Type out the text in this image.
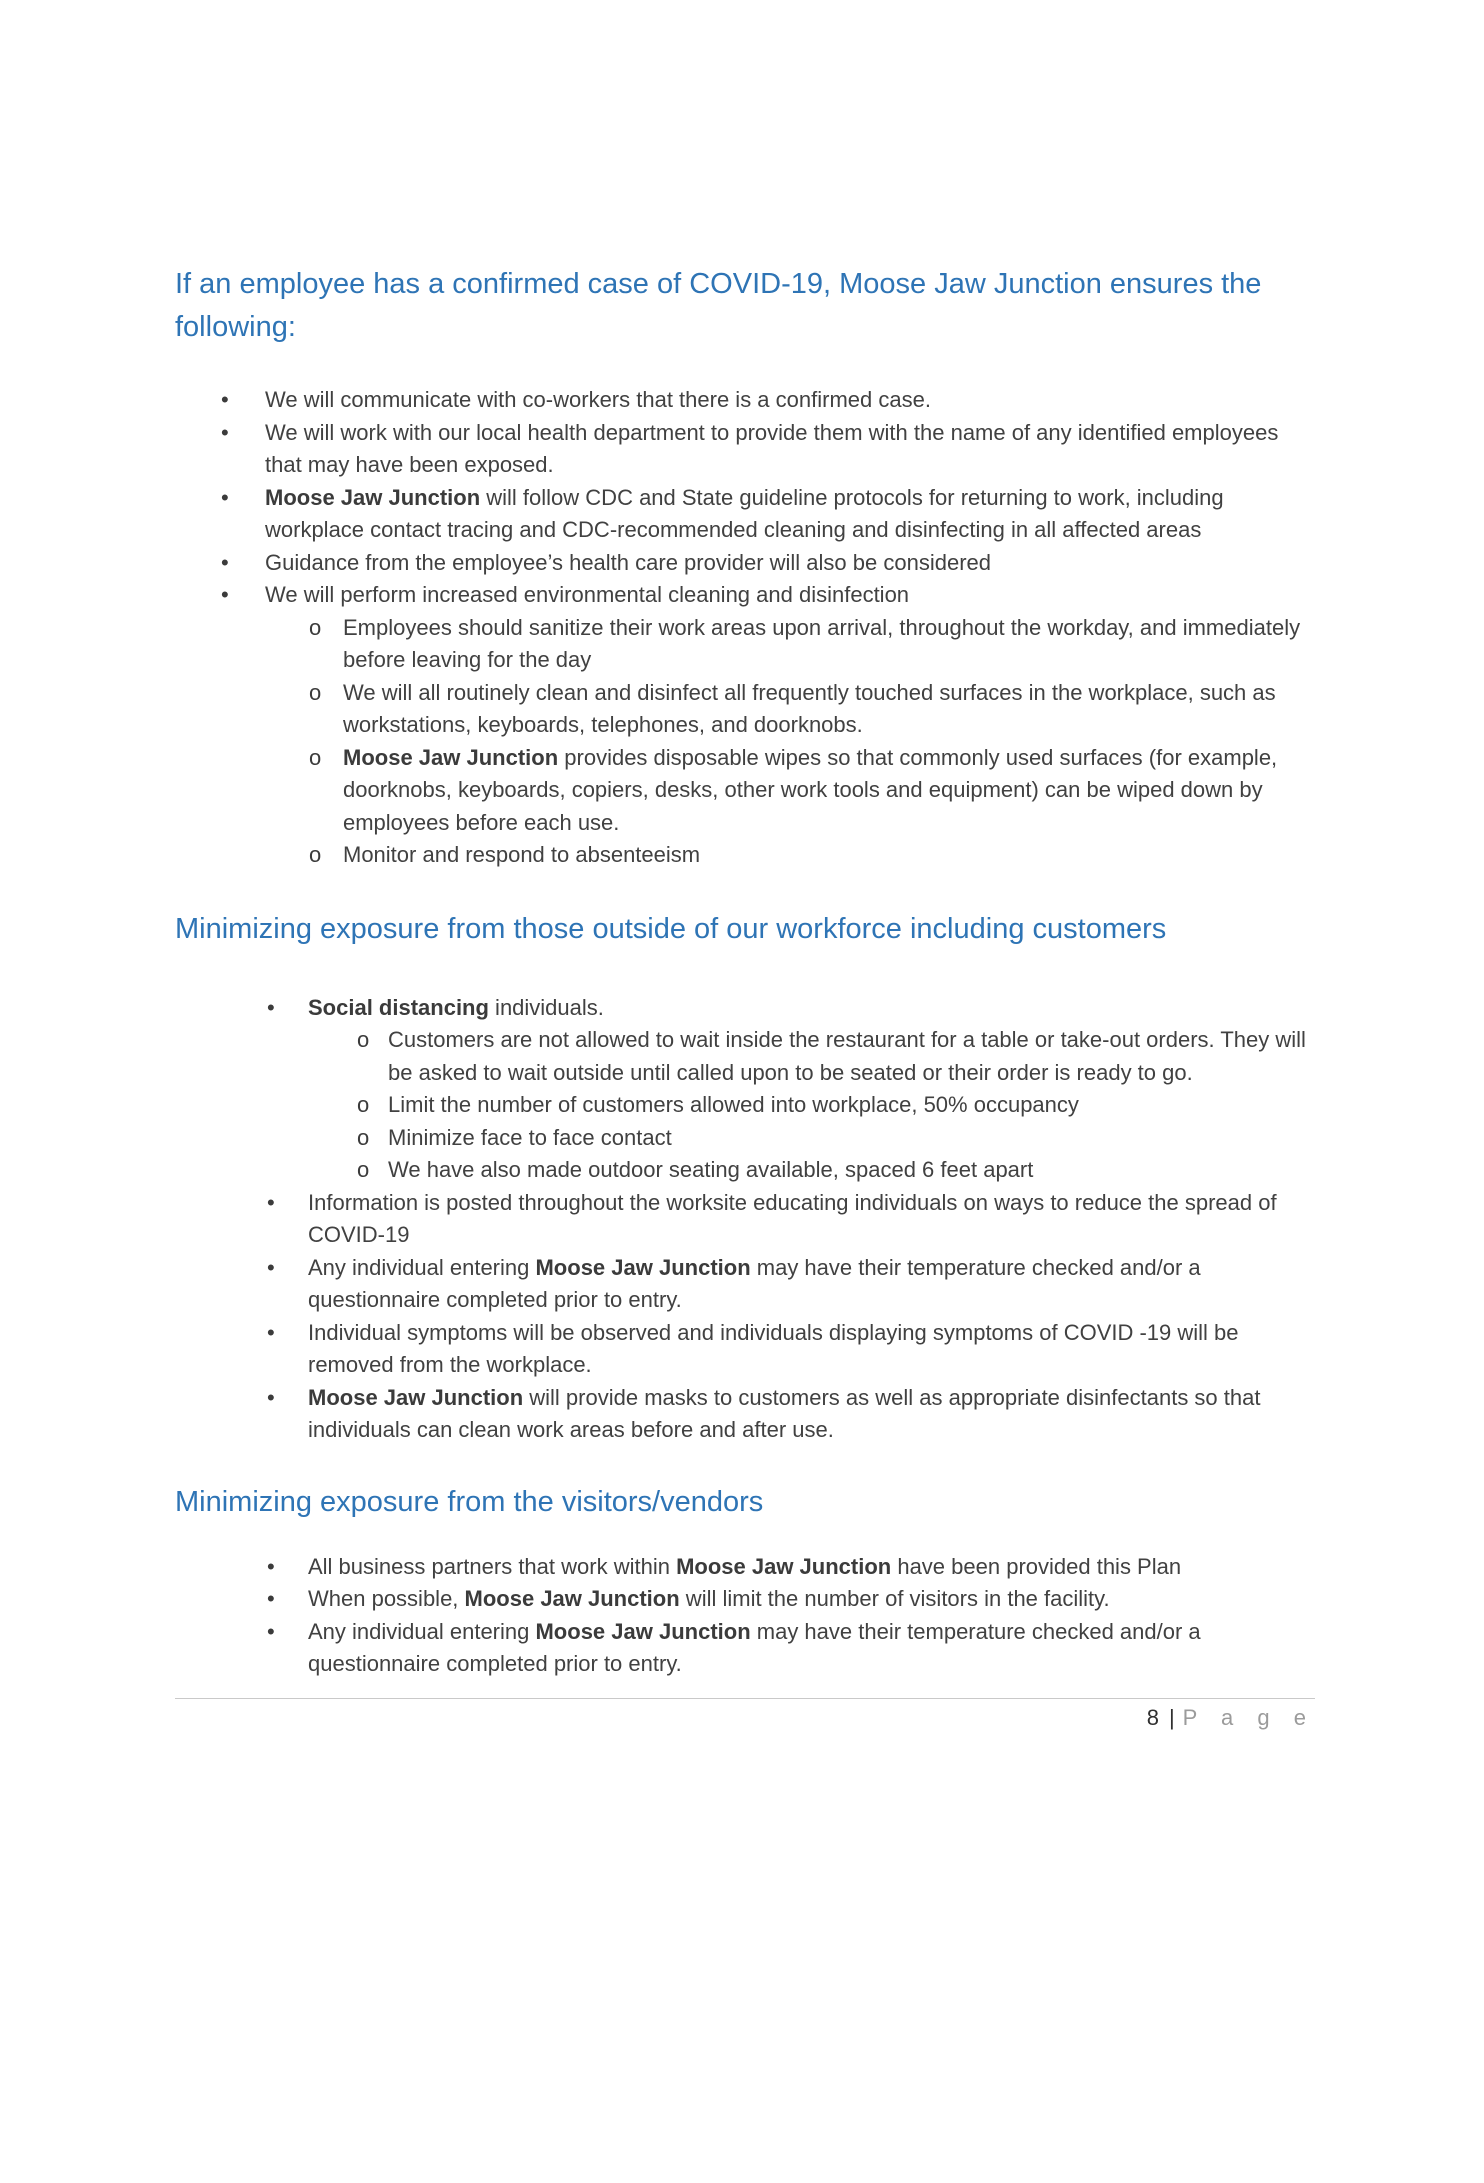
If an employee has a confirmed case of COVID-19, Moose Jaw Junction ensures the following:
• We will communicate with co-workers that there is a confirmed case.
• We will work with our local health department to provide them with the name of any identified employees that may have been exposed.
• Moose Jaw Junction will follow CDC and State guideline protocols for returning to work, including workplace contact tracing and CDC-recommended cleaning and disinfecting in all affected areas
• Guidance from the employee’s health care provider will also be considered
• We will perform increased environmental cleaning and disinfection
o Employees should sanitize their work areas upon arrival, throughout the workday, and immediately before leaving for the day
o We will all routinely clean and disinfect all frequently touched surfaces in the workplace, such as workstations, keyboards, telephones, and doorknobs.
o Moose Jaw Junction provides disposable wipes so that commonly used surfaces (for example, doorknobs, keyboards, copiers, desks, other work tools and equipment) can be wiped down by employees before each use.
o Monitor and respond to absenteeism
Minimizing exposure from those outside of our workforce including customers
• Social distancing individuals.
o Customers are not allowed to wait inside the restaurant for a table or take-out orders. They will be asked to wait outside until called upon to be seated or their order is ready to go.
o Limit the number of customers allowed into workplace, 50% occupancy
o Minimize face to face contact
o We have also made outdoor seating available, spaced 6 feet apart
• Information is posted throughout the worksite educating individuals on ways to reduce the spread of COVID-19
• Any individual entering Moose Jaw Junction may have their temperature checked and/or a questionnaire completed prior to entry.
• Individual symptoms will be observed and individuals displaying symptoms of COVID -19 will be removed from the workplace.
• Moose Jaw Junction will provide masks to customers as well as appropriate disinfectants so that individuals can clean work areas before and after use.
Minimizing exposure from the visitors/vendors
• All business partners that work within Moose Jaw Junction have been provided this Plan
• When possible, Moose Jaw Junction will limit the number of visitors in the facility.
• Any individual entering Moose Jaw Junction may have their temperature checked and/or a questionnaire completed prior to entry.
8 | P a g e
